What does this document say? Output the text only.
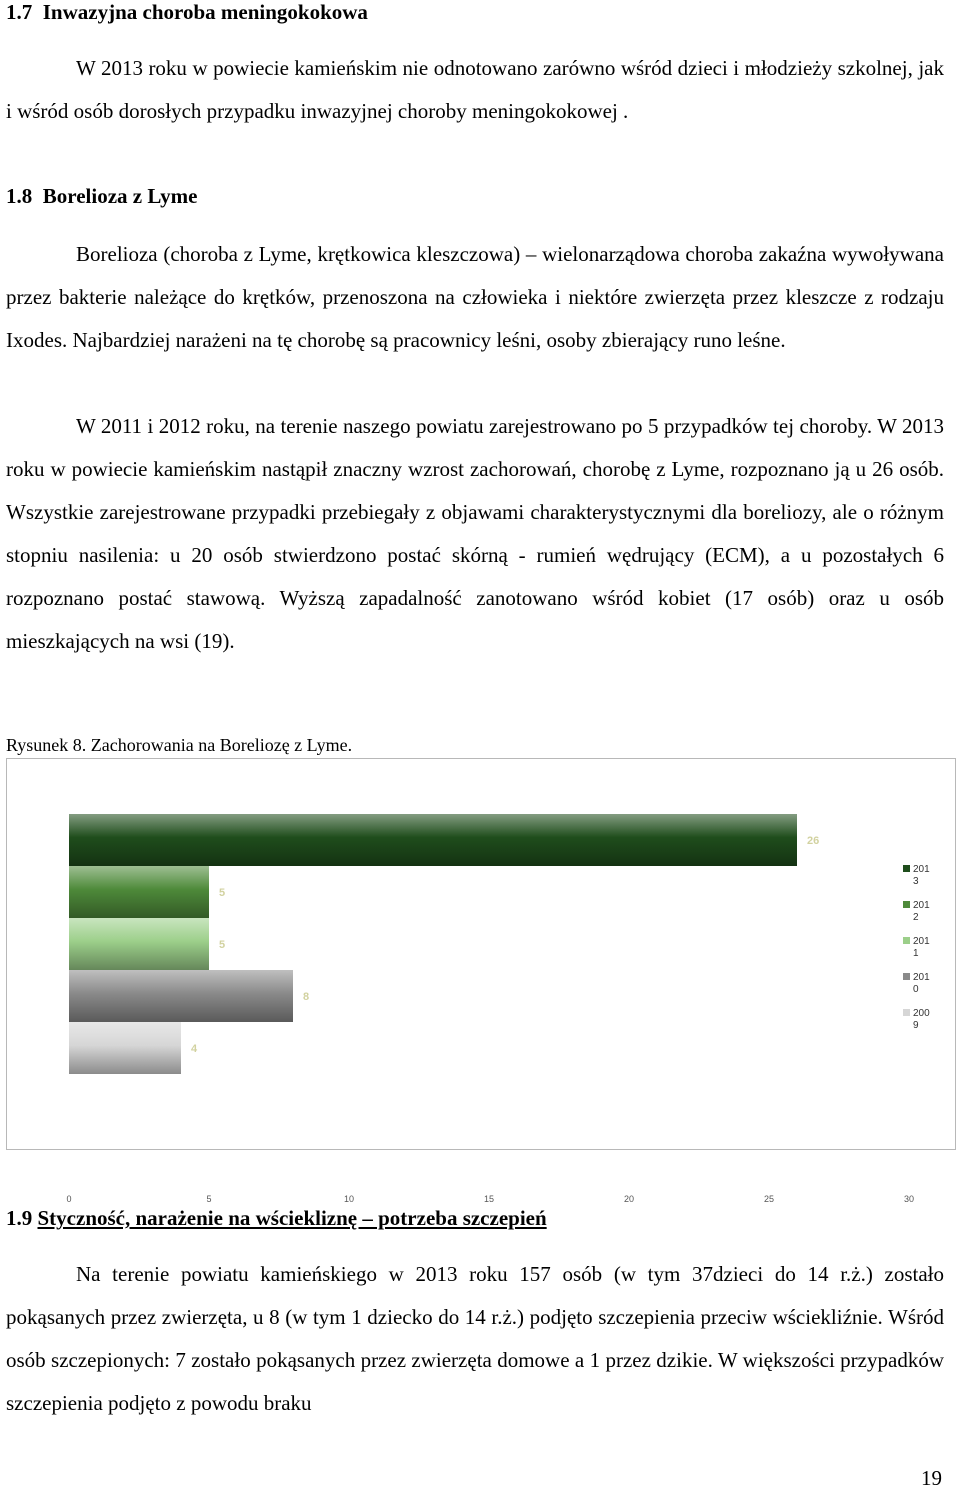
1.7 Inwazyjna choroba meningokokowa

W 2013 roku w powiecie kamieńskim nie odnotowano zarówno wśród dzieci i młodzieży szkolnej, jak i wśród osób dorosłych przypadku inwazyjnej choroby meningokokowej .

1.8 Borelioza z Lyme

Borelioza (choroba z Lyme, krętkowica kleszczowa) – wielonarządowa choroba zakaźna wywoływana przez bakterie należące do krętków, przenoszona na człowieka i niektóre zwierzęta przez kleszcze z rodzaju Ixodes. Najbardziej narażeni na tę chorobę są pracownicy leśni, osoby zbierający runo leśne.

W 2011 i 2012 roku, na terenie naszego powiatu zarejestrowano po 5 przypadków tej choroby. W 2013 roku w powiecie kamieńskim nastąpił znaczny wzrost zachorowań, chorobę z Lyme, rozpoznano ją u 26 osób. Wszystkie zarejestrowane przypadki przebiegały z objawami charakterystycznymi dla boreliozy, ale o różnym stopniu nasilenia: u 20 osób stwierdzono postać skórną - rumień wędrujący (ECM), a u pozostałych 6 rozpoznano postać stawową. Wyższą zapadalność zanotowano wśród kobiet (17 osób) oraz u osób mieszkających na wsi (19).

Rysunek 8. Zachorowania na Boreliozę z Lyme.

26
5
5
8
4
0	5	10	15	20	25	30
201
3
201
2
201
1
201
0
200
9
1.9 Styczność, narażenie na wściekliznę – potrzeba szczepień

Na terenie powiatu kamieńskiego w 2013 roku 157 osób (w tym 37dzieci do 14 r.ż.) zostało pokąsanych przez zwierzęta, u 8 (w tym 1 dziecko do 14 r.ż.) podjęto szczepienia przeciw wściekliźnie. Wśród osób szczepionych: 7 zostało pokąsanych przez zwierzęta domowe a 1 przez dzikie. W większości przypadków szczepienia podjęto z powodu braku

19
